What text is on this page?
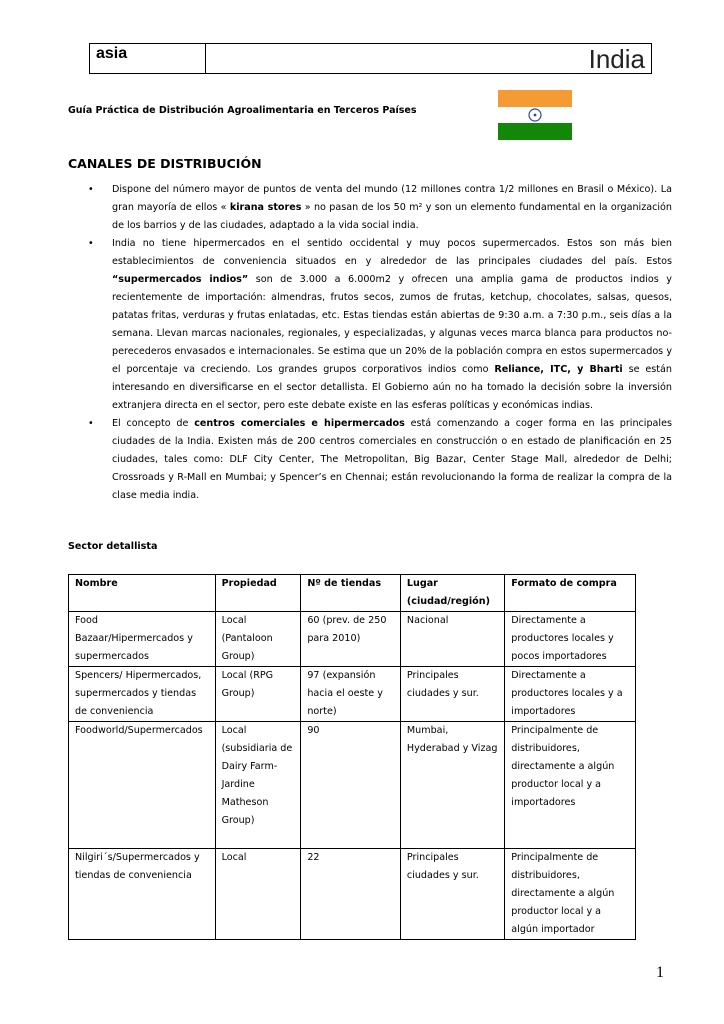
asia	India
Guía Práctica de Distribución Agroalimentaria en Terceros Países
CANALES DE DISTRIBUCIÓN
• Dispone del número mayor de puntos de venta del mundo (12 millones contra 1/2 millones en Brasil o México). La gran mayoría de ellos « kirana stores » no pasan de los 50 m² y son un elemento fundamental en la organización de los barrios y de las ciudades, adaptado a la vida social india.
• India no tiene hipermercados en el sentido occidental y muy pocos supermercados. Estos son más bien establecimientos de conveniencia situados en y alrededor de las principales ciudades del país. Estos “supermercados indios” son de 3.000 a 6.000m2 y ofrecen una amplia gama de productos indios y recientemente de importación: almendras, frutos secos, zumos de frutas, ketchup, chocolates, salsas, quesos, patatas fritas, verduras y frutas enlatadas, etc. Estas tiendas están abiertas de 9:30 a.m. a 7:30 p.m., seis días a la semana. Llevan marcas nacionales, regionales, y especializadas, y algunas veces marca blanca para productos no-perecederos envasados e internacionales. Se estima que un 20% de la población compra en estos supermercados y el porcentaje va creciendo. Los grandes grupos corporativos indios como Reliance, ITC, y Bharti se están interesando en diversificarse en el sector detallista. El Gobierno aún no ha tomado la decisión sobre la inversión extranjera directa en el sector, pero este debate existe en las esferas políticas y económicas indias.
• El concepto de centros comerciales e hipermercados está comenzando a coger forma en las principales ciudades de la India. Existen más de 200 centros comerciales en construcción o en estado de planificación en 25 ciudades, tales como: DLF City Center, The Metropolitan, Big Bazar, Center Stage Mall, alrededor de Delhi; Crossroads y R-Mall en Mumbai; y Spencer’s en Chennai; están revolucionando la forma de realizar la compra de la clase media india.
Sector detallista
Nombre	Propiedad	Nº de tiendas	Lugar (ciudad/región)	Formato de compra
Food Bazaar/Hipermercados y supermercados	Local (Pantaloon Group)	60 (prev. de 250 para 2010)	Nacional	Directamente a productores locales y pocos importadores
Spencers/ Hipermercados, supermercados y tiendas de conveniencia	Local (RPG Group)	97 (expansión hacia el oeste y norte)	Principales ciudades y sur.	Directamente a productores locales y a importadores
Foodworld/Supermercados	Local (subsidiaria de Dairy Farm-Jardine Matheson Group)	90	Mumbai, Hyderabad y Vizag	Principalmente de distribuidores, directamente a algún productor local y a importadores
Nilgiri´s/Supermercados y tiendas de conveniencia	Local	22	Principales ciudades y sur.	Principalmente de distribuidores, directamente a algún productor local y a algún importador
1
